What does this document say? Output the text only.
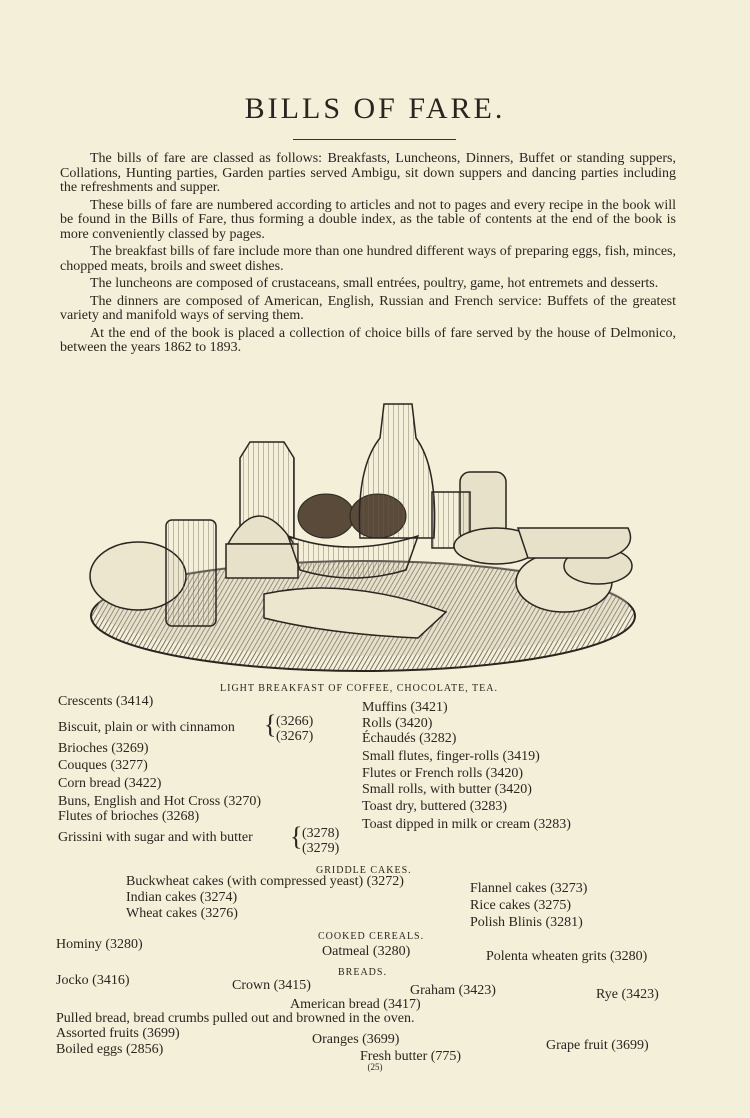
BILLS OF FARE.

The bills of fare are classed as follows: Breakfasts, Luncheons, Dinners, Buffet or standing suppers, Collations, Hunting parties, Garden parties served Ambigu, sit down suppers and dancing parties including the refreshments and supper.

These bills of fare are numbered according to articles and not to pages and every recipe in the book will be found in the Bills of Fare, thus forming a double index, as the table of contents at the end of the book is more conveniently classed by pages.

The breakfast bills of fare include more than one hundred different ways of preparing eggs, fish, minces, chopped meats, broils and sweet dishes.

The luncheons are composed of crustaceans, small entrées, poultry, game, hot entremets and desserts.

The dinners are composed of American, English, Russian and French service: Buffets of the greatest variety and manifold ways of serving them.

At the end of the book is placed a collection of choice bills of fare served by the house of Delmonico, between the years 1862 to 1893.

LIGHT BREAKFAST OF COFFEE, CHOCOLATE, TEA.
Crescents (3414)
Biscuit, plain or with cinnamon { (3266)
(3267)
Brioches (3269)
Couques (3277)
Corn bread (3422)
Buns, English and Hot Cross (3270)
Flutes of brioches (3268)
Grissini with sugar and with butter { (3278)
(3279)
Muffins (3421)
Rolls (3420)
Échaudés (3282)
Small flutes, finger-rolls (3419)
Flutes or French rolls (3420)
Small rolls, with butter (3420)
Toast dry, buttered (3283)
Toast dipped in milk or cream (3283)
GRIDDLE CAKES.
Buckwheat cakes (with compressed yeast) (3272)
Indian cakes (3274)
Wheat cakes (3276)
Flannel cakes (3273)
Rice cakes (3275)
Polish Blinis (3281)
COOKED CEREALS.
Hominy (3280)	Oatmeal (3280)	Polenta wheaten grits (3280)
BREADS.
Jocko (3416)	Crown (3415)	Graham (3423)	Rye (3423)
American bread (3417)
Pulled bread, bread crumbs pulled out and browned in the oven.
Assorted fruits (3699)
Boiled eggs (2856)
Oranges (3699)	Grape fruit (3699)
Fresh butter (775)
(25)
